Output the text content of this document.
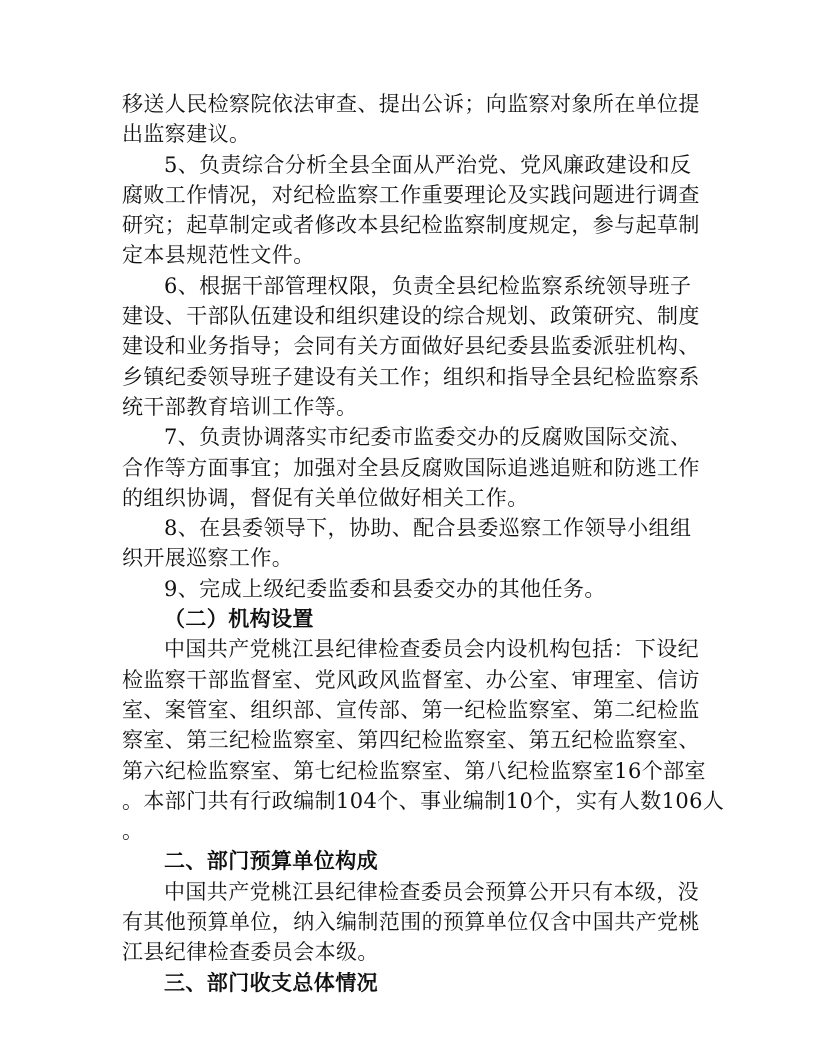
移送人民检察院依法审查、提出公诉；向监察对象所在单位提
出监察建议。
5、负责综合分析全县全面从严治党、党风廉政建设和反
腐败工作情况，对纪检监察工作重要理论及实践问题进行调查
研究；起草制定或者修改本县纪检监察制度规定，参与起草制
定本县规范性文件。
6、根据干部管理权限，负责全县纪检监察系统领导班子
建设、干部队伍建设和组织建设的综合规划、政策研究、制度
建设和业务指导；会同有关方面做好县纪委县监委派驻机构、
乡镇纪委领导班子建设有关工作；组织和指导全县纪检监察系
统干部教育培训工作等。
7、负责协调落实市纪委市监委交办的反腐败国际交流、
合作等方面事宜；加强对全县反腐败国际追逃追赃和防逃工作
的组织协调，督促有关单位做好相关工作。
8、在县委领导下，协助、配合县委巡察工作领导小组组
织开展巡察工作。
9、完成上级纪委监委和县委交办的其他任务。
（二）机构设置
中国共产党桃江县纪律检查委员会内设机构包括：下设纪
检监察干部监督室、党风政风监督室、办公室、审理室、信访
室、案管室、组织部、宣传部、第一纪检监察室、第二纪检监
察室、第三纪检监察室、第四纪检监察室、第五纪检监察室、
第六纪检监察室、第七纪检监察室、第八纪检监察室16个部室
。本部门共有行政编制104个、事业编制10个，实有人数106人
。
二、部门预算单位构成
中国共产党桃江县纪律检查委员会预算公开只有本级，没
有其他预算单位，纳入编制范围的预算单位仅含中国共产党桃
江县纪律检查委员会本级。
三、部门收支总体情况
